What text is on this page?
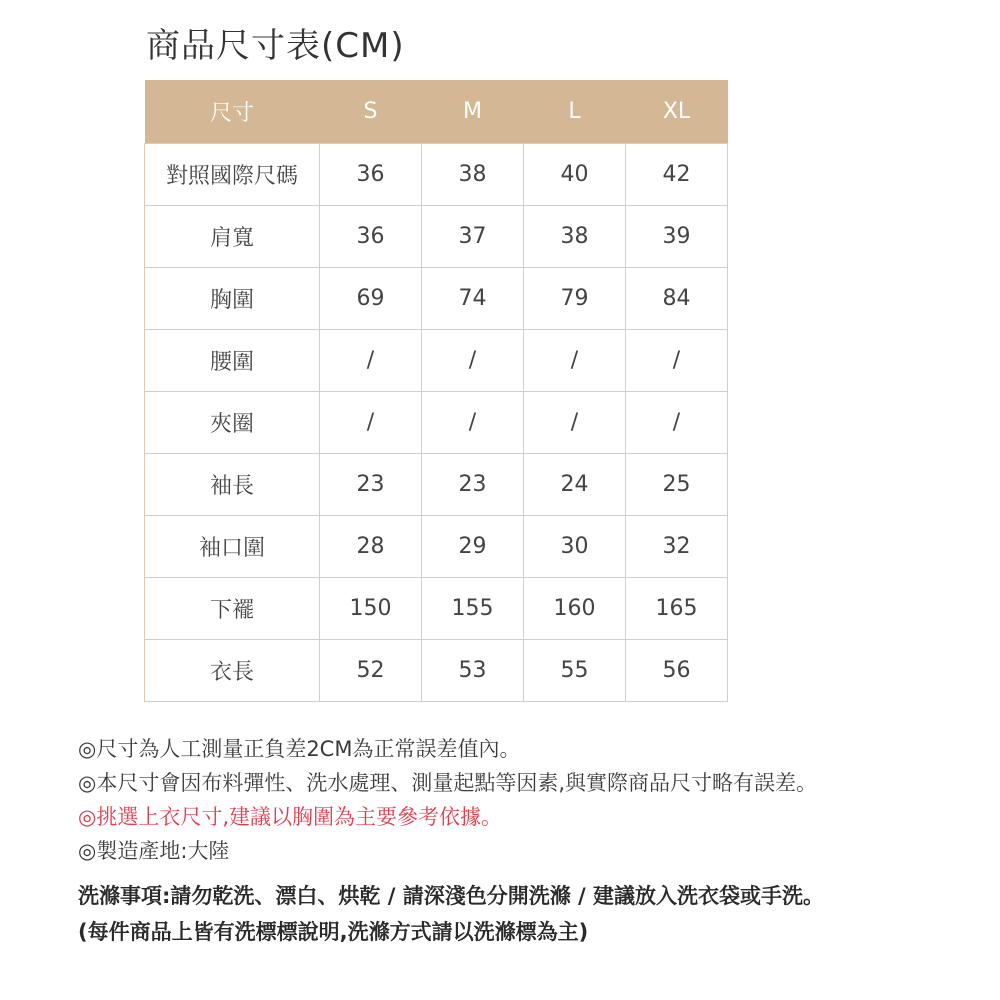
商品尺寸表(CM)
尺寸	S	M	L	XL
對照國際尺碼	36	38	40	42
肩寬	36	37	38	39
胸圍	69	74	79	84
腰圍	/	/	/	/
夾圈	/	/	/	/
袖長	23	23	24	25
袖口圍	28	29	30	32
下襬	150	155	160	165
衣長	52	53	55	56
◎尺寸為人工測量正負差2CM為正常誤差值內。
◎本尺寸會因布料彈性、洗水處理、測量起點等因素,與實際商品尺寸略有誤差。
◎挑選上衣尺寸,建議以胸圍為主要參考依據。
◎製造產地:大陸
洗滌事項:請勿乾洗、漂白、烘乾 / 請深淺色分開洗滌 / 建議放入洗衣袋或手洗。
(每件商品上皆有洗標標說明,洗滌方式請以洗滌標為主)
